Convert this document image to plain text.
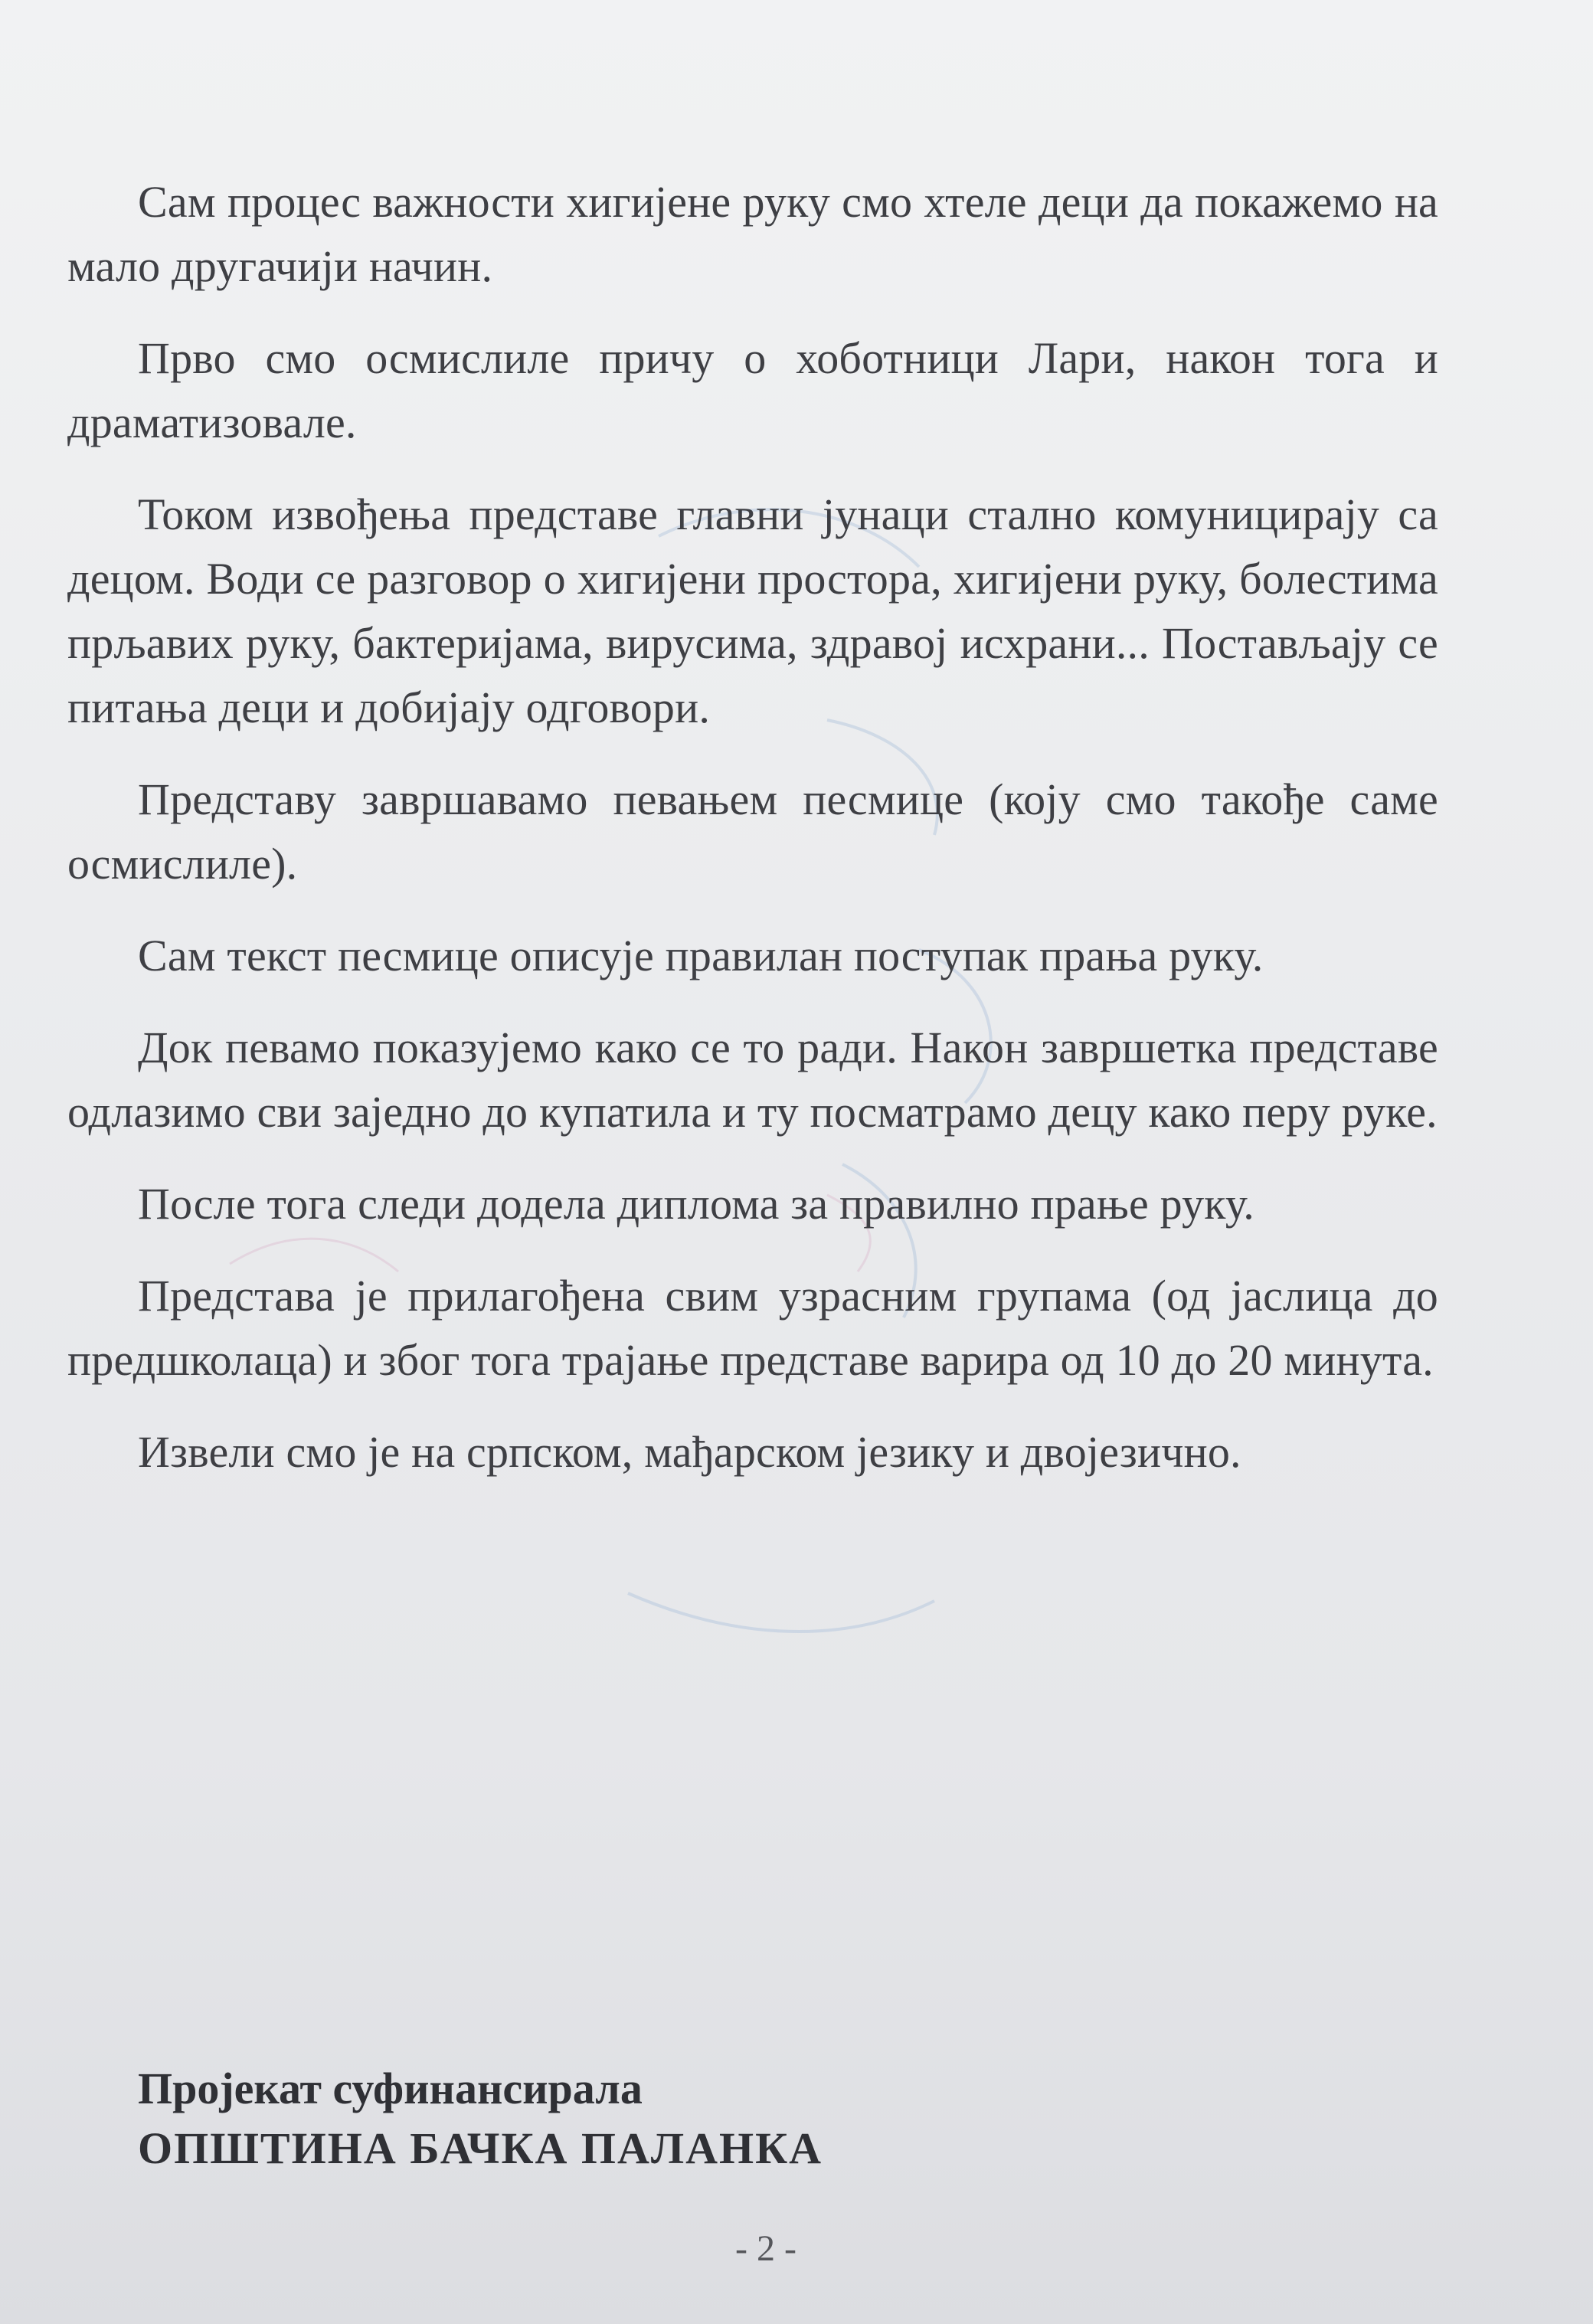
Сам процес важности хигијене руку смо хтеле деци да покажемо на мало другачији начин.

Прво смо осмислиле причу о хоботници Лари, након тога и драматизовале.

Током извођења представе главни јунаци стално комуницирају са децом. Води се разговор о хигијени простора, хигијени руку, болестима прљавих руку, бактеријама, вирусима, здравој исхрани... Постављају се питања деци и добијају одговори.

Представу завршавамо певањем песмице (коју смо такође саме осмислиле).

Сам текст песмице описује правилан поступак прања руку.

Док певамо показујемо како се то ради. Након завршетка представе одлазимо сви заједно до купатила и ту посматрамо децу како перу руке.

После тога следи додела диплома за правилно прање руку.

Представа је прилагођена свим узрасним групама (од јаслица до предшколаца) и због тога трајање представе варира од 10 до 20 минута.

Извели смо је на српском, мађарском језику и двојезично.

Пројекат суфинансирала

ОПШТИНА БАЧКА ПАЛАНКА

- 2 -
